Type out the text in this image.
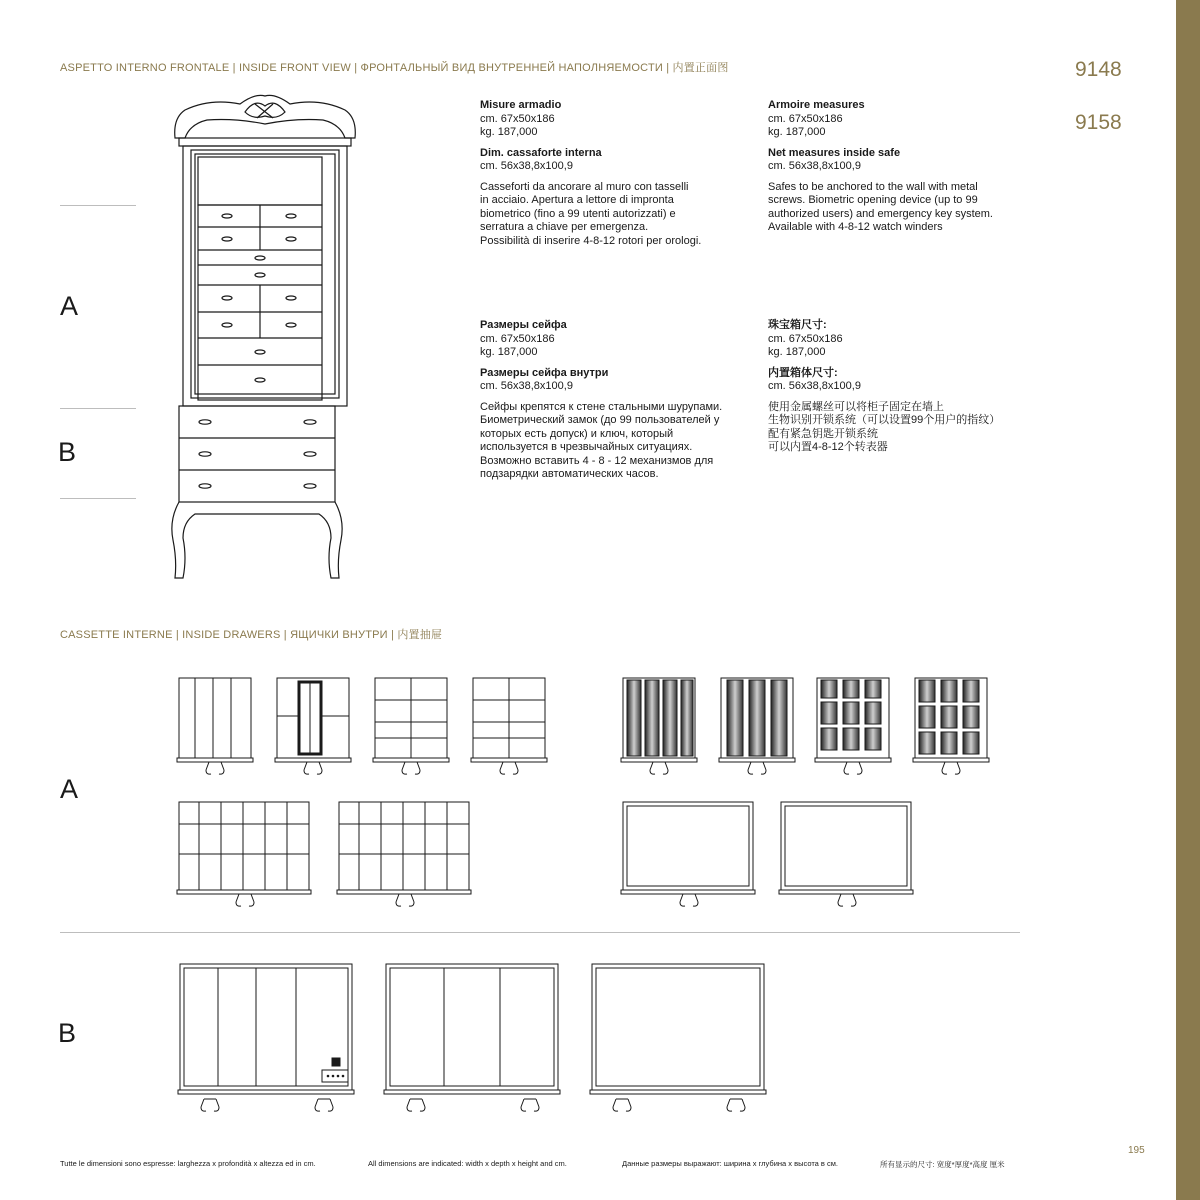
ASPETTO INTERNO FRONTALE | INSIDE FRONT VIEW | ФРОНТАЛЬНЫЙ ВИД ВНУТРЕННЕЙ НАПОЛНЯЕМОСТИ | 内置正面图
CASSETTE INTERNE | INSIDE DRAWERS | ЯЩИЧКИ ВНУТРИ | 内置抽屉
9148
9158
A
B
A
B
Misure armadio
cm. 67x50x186
kg. 187,000
Dim. cassaforte interna
cm. 56x38,8x100,9
Casseforti da ancorare al muro con tasselli
in acciaio. Apertura a lettore di impronta
biometrico (fino a 99 utenti autorizzati) e
serratura a chiave per emergenza.
Possibilità di inserire 4-8-12 rotori per orologi.
Armoire measures
cm. 67x50x186
kg. 187,000
Net measures inside safe
cm. 56x38,8x100,9
Safes to be anchored to the wall with metal
screws. Biometric opening device (up to 99
authorized users) and emergency key system.
Available with 4-8-12 watch winders
Размеры сейфа
cm. 67x50x186
kg. 187,000
Размеры сейфа внутри
cm. 56x38,8x100,9
Сейфы крепятся к стене стальными шурупами.
Биометрический замок (до 99 пользователей у
которых есть допуск) и ключ, который
используется в чрезвычайных ситуациях.
Возможно вставить 4 - 8 - 12 механизмов для
подзарядки автоматических часов.
珠宝箱尺寸:
cm. 67x50x186
kg. 187,000
内置箱体尺寸:
cm. 56x38,8x100,9
使用金属螺丝可以将柜子固定在墙上
生物识别开锁系统（可以设置99个用户的指纹）
配有紧急钥匙开锁系统
可以内置4-8-12个转表器
Tutte le dimensioni sono espresse: larghezza x profondità x altezza ed in cm.	All dimensions are indicated: width x depth x height and cm.	Данные размеры выражают: ширина x глубина x высота в см.	所有显示的尺寸: 宽度*厚度*高度 厘米
195
